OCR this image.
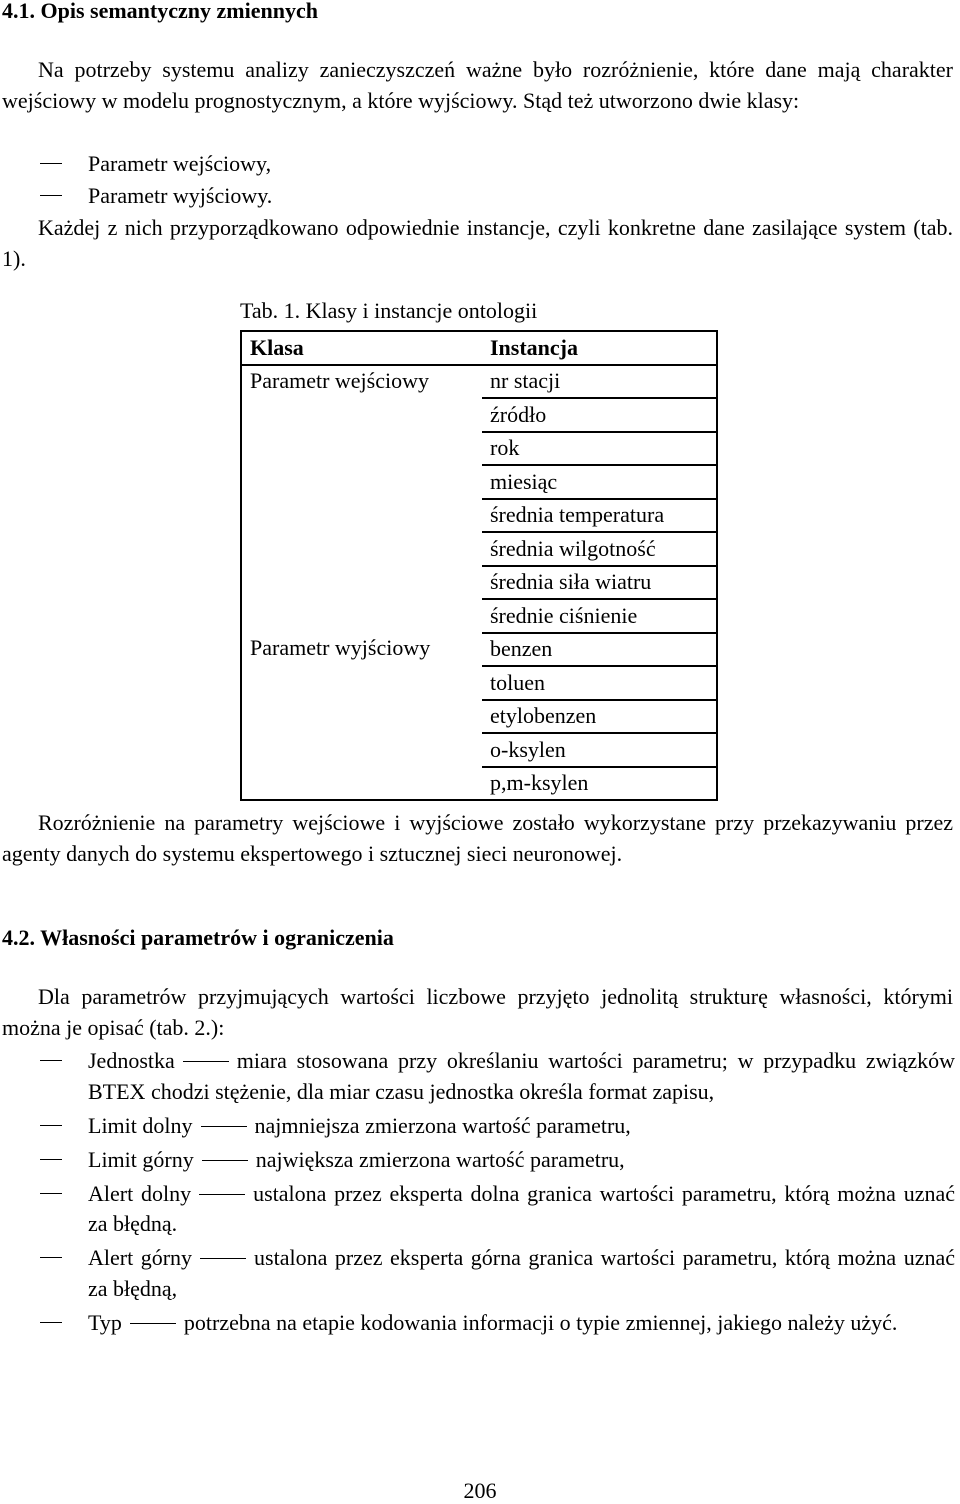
4.1. Opis semantyczny zmiennych
Na potrzeby systemu analizy zanieczyszczeń ważne było rozróżnienie, które dane mają charakter wejściowy w modelu prognostycznym, a które wyjściowy. Stąd też utworzono dwie klasy:
Parametr wejściowy,
Parametr wyjściowy.
Każdej z nich przyporządkowano odpowiednie instancje, czyli konkretne dane zasilające system (tab. 1).
Tab. 1. Klasy i instancje ontologii
Klasa	Instancja
Parametr wejściowy	nr stacji
	źródło
	rok
	miesiąc
	średnia temperatura
	średnia wilgotność
	średnia siła wiatru
	średnie ciśnienie
Parametr wyjściowy	benzen
	toluen
	etylobenzen
	o-ksylen
	p,m-ksylen
Rozróżnienie na parametry wejściowe i wyjściowe zostało wykorzystane przy przekazywaniu przez agenty danych do systemu ekspertowego i sztucznej sieci neuronowej.
4.2. Własności parametrów i ograniczenia
Dla parametrów przyjmujących wartości liczbowe przyjęto jednolitą strukturę własności, którymi można je opisać (tab. 2.):
Jednostka	miara stosowana przy określaniu wartości parametru; w przypadku związków BTEX chodzi stężenie, dla miar czasu jednostka określa format zapisu,
Limit dolny	najmniejsza zmierzona wartość parametru,
Limit górny	największa zmierzona wartość parametru,
Alert dolny	ustalona przez eksperta dolna granica wartości parametru, którą można uznać za błędną.
Alert górny	ustalona przez eksperta górna granica wartości parametru, którą można uznać za błędną,
Typ	potrzebna na etapie kodowania informacji o typie zmiennej, jakiego należy użyć.
206
